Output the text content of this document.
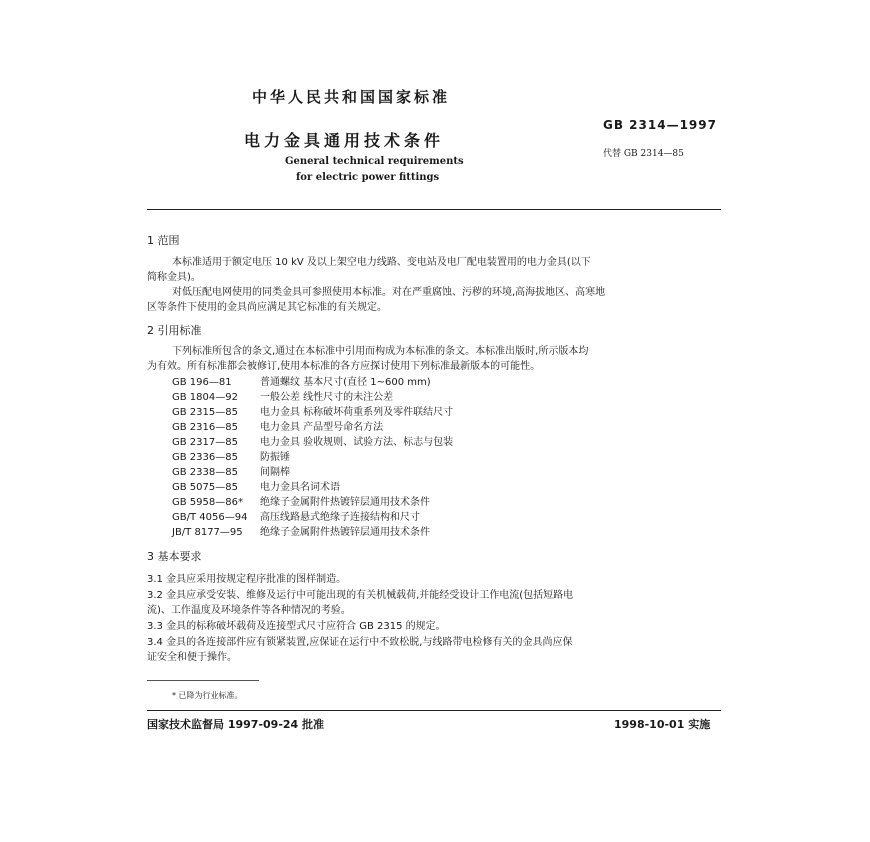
中华人民共和国国家标准
GB 2314—1997
电力金具通用技术条件
代替 GB 2314—85
General technical requirements
for electric power fittings
1 范围
本标准适用于额定电压 10 kV 及以上架空电力线路、变电站及电厂配电装置用的电力金具(以下
简称金具)。
对低压配电网使用的同类金具可参照使用本标准。对在严重腐蚀、污秽的环境,高海拔地区、高寒地
区等条件下使用的金具尚应满足其它标准的有关规定。
2 引用标准
下列标准所包含的条文,通过在本标准中引用而构成为本标准的条文。本标准出版时,所示版本均
为有效。所有标准都会被修订,使用本标准的各方应探讨使用下列标准最新版本的可能性。
GB 196—81	普通螺纹 基本尺寸(直径 1~600 mm)
GB 1804—92 一般公差 线性尺寸的未注公差
GB 2315—85 电力金具 标称破坏荷重系列及零件联结尺寸
GB 2316—85 电力金具 产品型号命名方法
GB 2317—85 电力金具 验收规则、试验方法、标志与包装
GB 2336—85 防振锤
GB 2338—85 间隔棒
GB 5075—85 电力金具名词术语
GB 5958—86* 绝缘子金属附件热镀锌层通用技术条件
GB/T 4056—94 高压线路悬式绝缘子连接结构和尺寸
JB/T 8177—95 绝缘子金属附件热镀锌层通用技术条件
3 基本要求
3.1 金具应采用按规定程序批准的图样制造。
3.2 金具应承受安装、维修及运行中可能出现的有关机械载荷,并能经受设计工作电流(包括短路电
流)、工作温度及环境条件等各种情况的考验。
3.3 金具的标称破坏载荷及连接型式尺寸应符合 GB 2315 的规定。
3.4 金具的各连接部件应有锁紧装置,应保证在运行中不致松脱,与线路带电检修有关的金具尚应保
证安全和便于操作。
* 已降为行业标准。
国家技术监督局 1997-09-24 批准	1998-10-01 实施
